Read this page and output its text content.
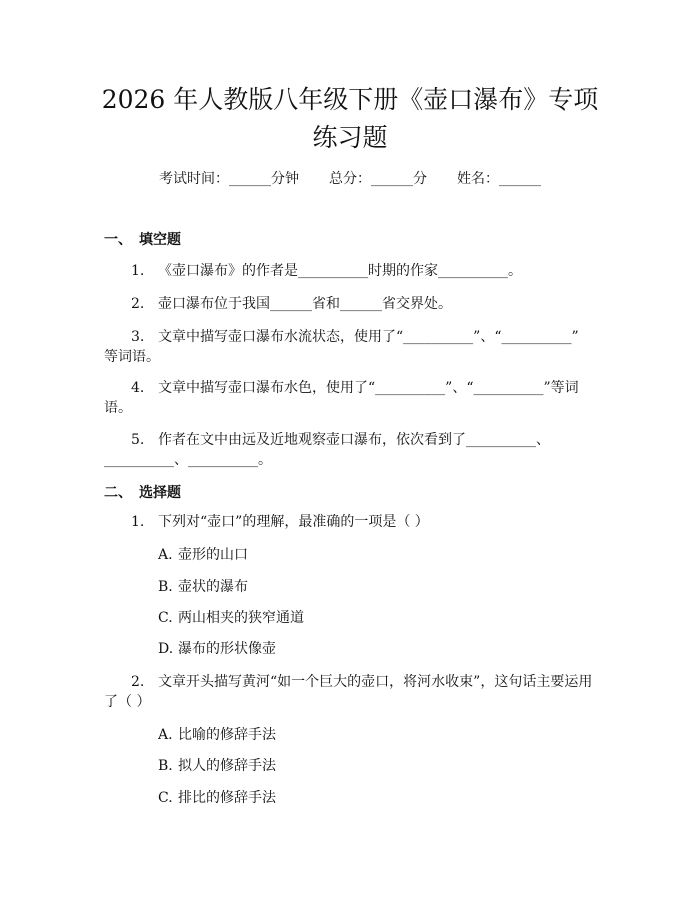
2026 年人教版八年级下册《壶口瀑布》专项
练习题
考试时间：______分钟 总分：______分 姓名：______
一、 填空题
1. 《壶口瀑布》的作者是__________时期的作家__________。
2. 壶口瀑布位于我国______省和______省交界处。
3. 文章中描写壶口瀑布水流状态，使用了“__________”、“__________”
等词语。
4. 文章中描写壶口瀑布水色，使用了“__________”、“__________”等词
语。
5. 作者在文中由远及近地观察壶口瀑布，依次看到了__________、
__________、__________。
二、 选择题
1. 下列对“壶口”的理解，最准确的一项是（ ）
A. 壶形的山口
B. 壶状的瀑布
C. 两山相夹的狭窄通道
D. 瀑布的形状像壶
2. 文章开头描写黄河“如一个巨大的壶口，将河水收束”，这句话主要运用
了（ ）
A. 比喻的修辞手法
B. 拟人的修辞手法
C. 排比的修辞手法
